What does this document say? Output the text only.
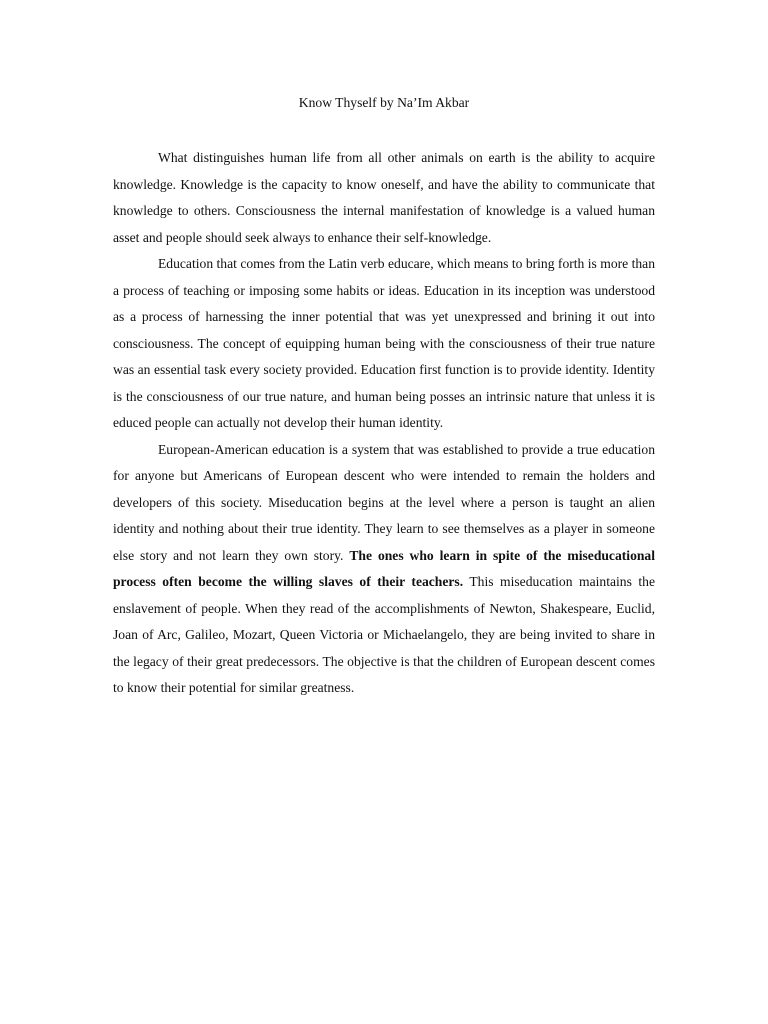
Know Thyself by Na’Im Akbar

What distinguishes human life from all other animals on earth is the ability to acquire knowledge. Knowledge is the capacity to know oneself, and have the ability to communicate that knowledge to others. Consciousness the internal manifestation of knowledge is a valued human asset and people should seek always to enhance their self-knowledge.

Education that comes from the Latin verb educare, which means to bring forth is more than a process of teaching or imposing some habits or ideas. Education in its inception was understood as a process of harnessing the inner potential that was yet unexpressed and brining it out into consciousness. The concept of equipping human being with the consciousness of their true nature was an essential task every society provided. Education first function is to provide identity. Identity is the consciousness of our true nature, and human being posses an intrinsic nature that unless it is educed people can actually not develop their human identity.

European-American education is a system that was established to provide a true education for anyone but Americans of European descent who were intended to remain the holders and developers of this society. Miseducation begins at the level where a person is taught an alien identity and nothing about their true identity. They learn to see themselves as a player in someone else story and not learn they own story. The ones who learn in spite of the miseducational process often become the willing slaves of their teachers. This miseducation maintains the enslavement of people. When they read of the accomplishments of Newton, Shakespeare, Euclid, Joan of Arc, Galileo, Mozart, Queen Victoria or Michaelangelo, they are being invited to share in the legacy of their great predecessors. The objective is that the children of European descent comes to know their potential for similar greatness.
